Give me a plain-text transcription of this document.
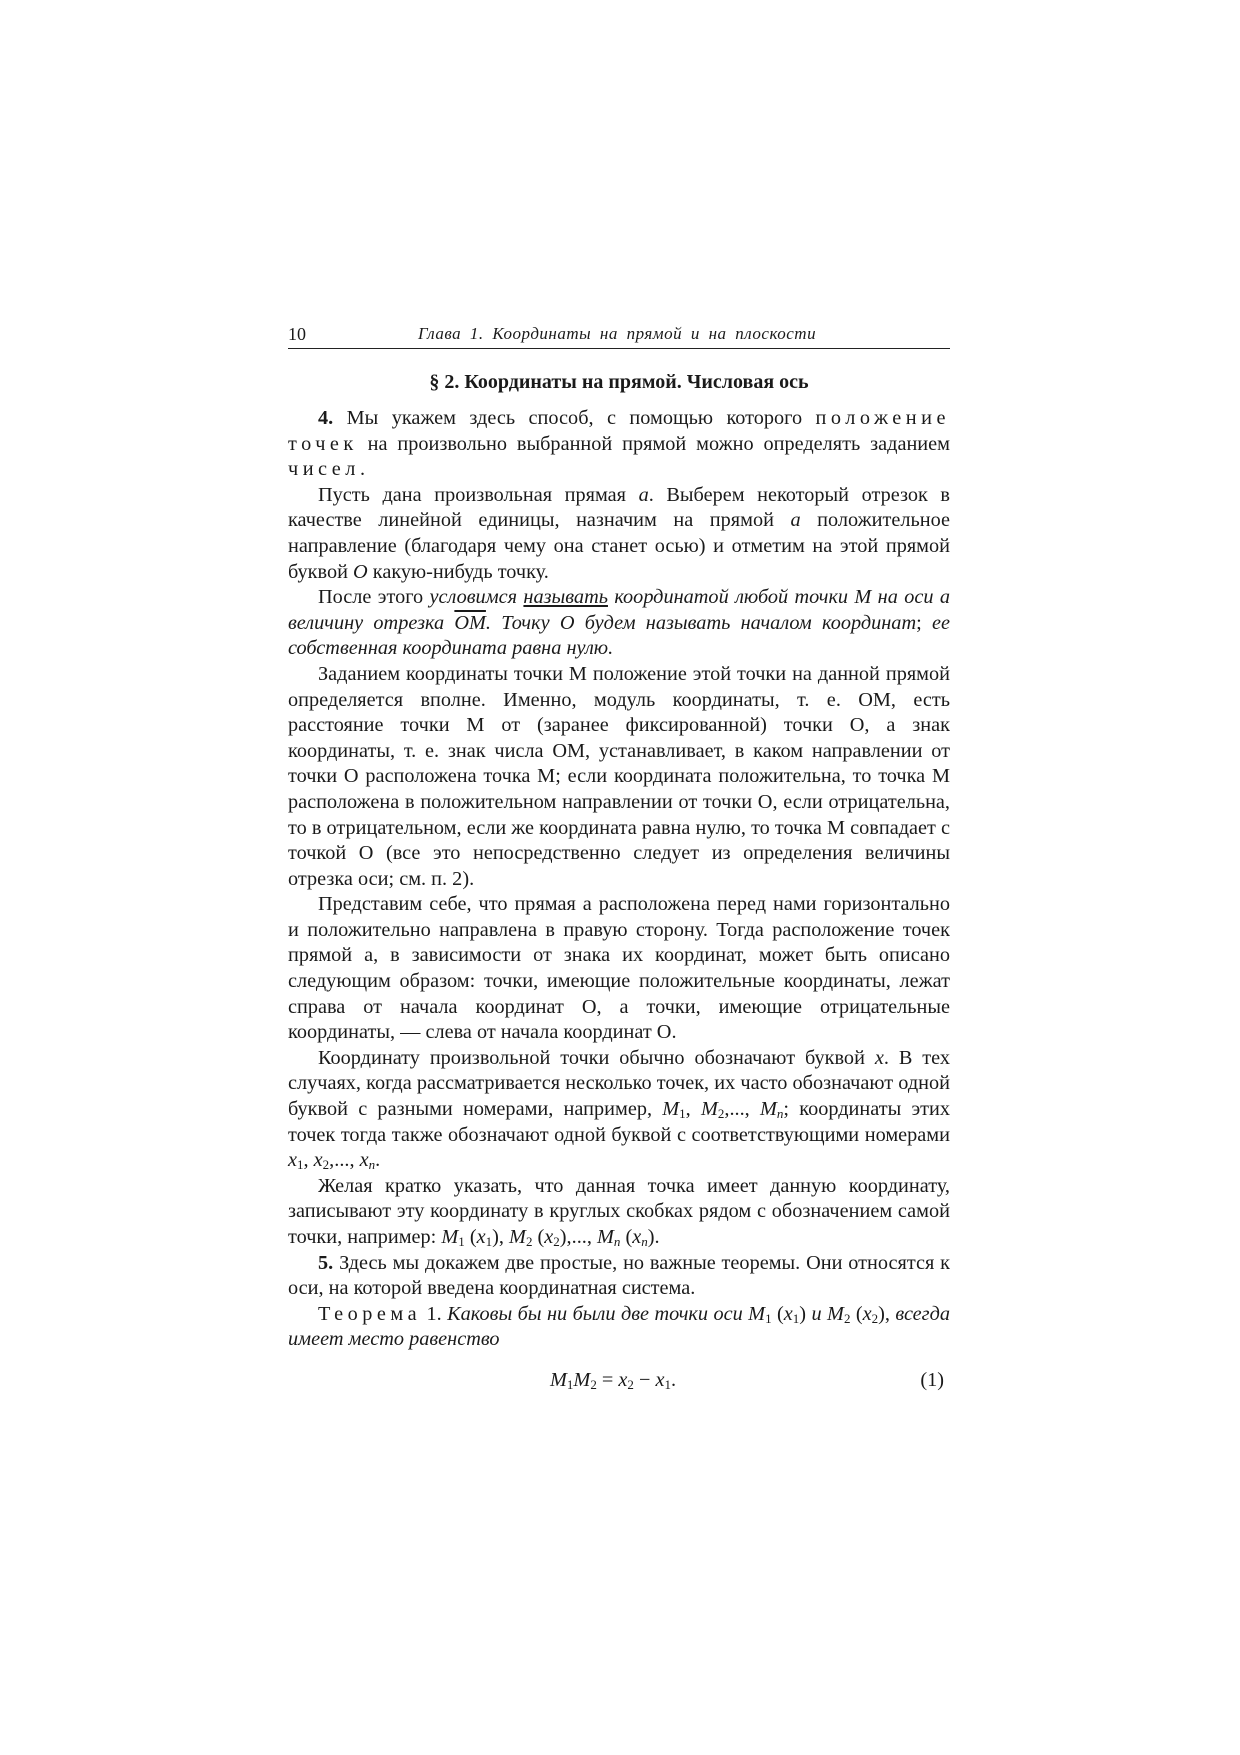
10	Глава 1. Координаты на прямой и на плоскости
§ 2. Координаты на прямой. Числовая ось

4. Мы укажем здесь способ, с помощью которого положение точек на произвольно выбранной прямой можно определять заданием чисел.

Пусть дана произвольная прямая a. Выберем некоторый отрезок в качестве линейной единицы, назначим на прямой a положительное направление (благодаря чему она станет осью) и отметим на этой прямой буквой O какую-нибудь точку.

После этого условимся называть координатой любой точки M на оси a величину отрезка $\overline{OM}$. Точку O будем называть началом координат; ее собственная координата равна нулю.

Заданием координаты точки M положение этой точки на данной прямой определяется вполне. Именно, модуль координаты, т. е. OM, есть расстояние точки M от (заранее фиксированной) точки O, а знак координаты, т. е. знак числа OM, устанавливает, в каком направлении от точки O расположена точка M; если координата положительна, то точка M расположена в положительном направлении от точки O, если отрицательна, то в отрицательном, если же координата равна нулю, то точка M совпадает с точкой O (все это непосредственно следует из определения величины отрезка оси; см. п. 2).

Представим себе, что прямая a расположена перед нами горизонтально и положительно направлена в правую сторону. Тогда расположение точек прямой a, в зависимости от знака их координат, может быть описано следующим образом: точки, имеющие положительные координаты, лежат справа от начала координат O, а точки, имеющие отрицательные координаты, — слева от начала координат O.

Координату произвольной точки обычно обозначают буквой x. В тех случаях, когда рассматривается несколько точек, их часто обозначают одной буквой с разными номерами, например, $M_1$, $M_2$,..., $M_n$; координаты этих точек тогда также обозначают одной буквой с соответствующими номерами $x_1$, $x_2$,..., $x_n$.

Желая кратко указать, что данная точка имеет данную координату, записывают эту координату в круглых скобках рядом с обозначением самой точки, например: $M_1$ $(x_1)$, $M_2$ $(x_2)$,..., $M_n$ $(x_n)$.

5. Здесь мы докажем две простые, но важные теоремы. Они относятся к оси, на которой введена координатная система.

Теорема 1. Каковы бы ни были две точки оси $M_1$ $(x_1)$ и $M_2$ $(x_2)$, всегда имеет место равенство

$M_1M_2 = x_2 - x_1$.	(1)
